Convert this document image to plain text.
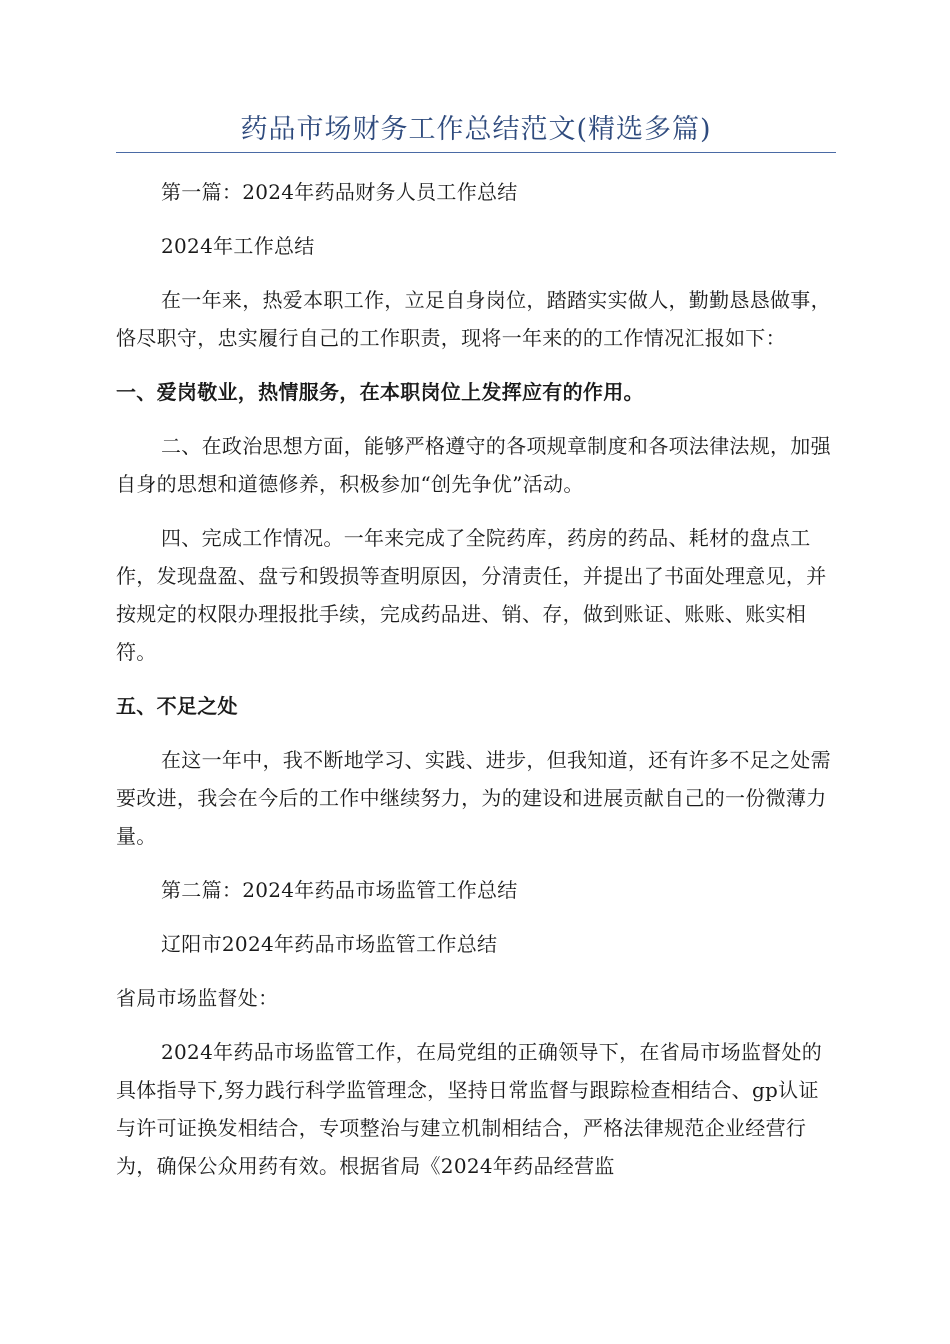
药品市场财务工作总结范文(精选多篇)

第一篇：2024年药品财务人员工作总结

2024年工作总结

在一年来，热爱本职工作，立足自身岗位，踏踏实实做人，勤勤恳恳做事，恪尽职守，忠实履行自己的工作职责，现将一年来的的工作情况汇报如下：

一、爱岗敬业，热情服务，在本职岗位上发挥应有的作用。

二、在政治思想方面，能够严格遵守的各项规章制度和各项法律法规，加强自身的思想和道德修养，积极参加“创先争优”活动。

四、完成工作情况。一年来完成了全院药库，药房的药品、耗材的盘点工作，发现盘盈、盘亏和毁损等查明原因，分清责任，并提出了书面处理意见，并按规定的权限办理报批手续，完成药品进、销、存，做到账证、账账、账实相符。

五、不足之处

在这一年中，我不断地学习、实践、进步，但我知道，还有许多不足之处需要改进，我会在今后的工作中继续努力，为的建设和进展贡献自己的一份微薄力量。

第二篇：2024年药品市场监管工作总结

辽阳市2024年药品市场监管工作总结

省局市场监督处：

2024年药品市场监管工作，在局党组的正确领导下，在省局市场监督处的具体指导下,努力践行科学监管理念，坚持日常监督与跟踪检查相结合、gp认证与许可证换发相结合，专项整治与建立机制相结合，严格法律规范企业经营行为，确保公众用药有效。根据省局《2024年药品经营监
